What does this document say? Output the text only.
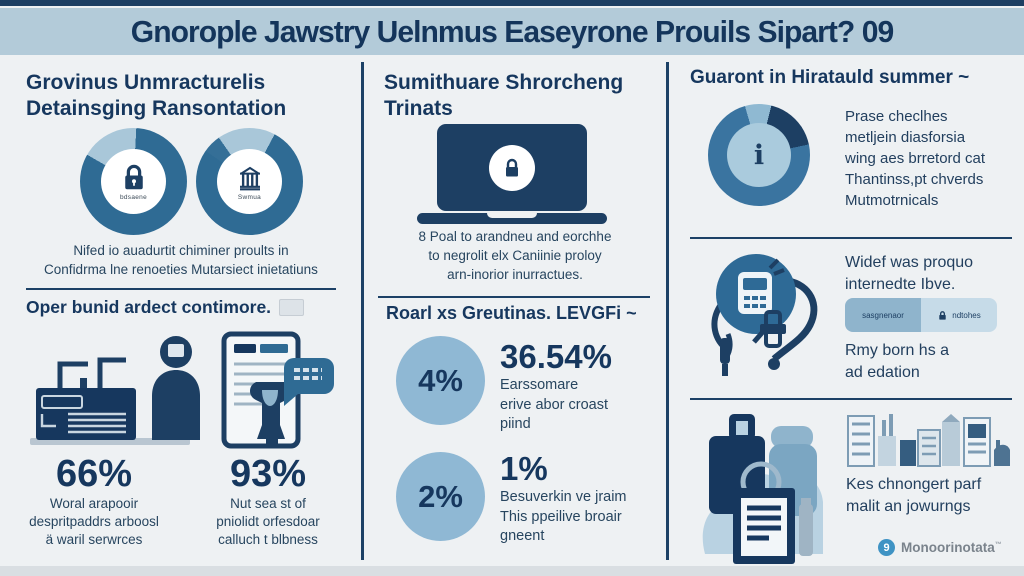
Gnorople Jawstry Uelnmus Easeyrone Prouils Sipart? 09
Grovinus Unmracturelis
Detainsging Ransontation
bdsaene	Swmua
Nifed io auadurtit chiminer proults in
Confidrma lne renoeties Mutarsiect inietatiuns
Oper bunid ardect contimore.
66%
Woral arapooir
despritpaddrs arboosl
ä waril serwrces
93%
Nut sea st of
pniolidt orfesdoar
calluch t blbness
Sumithuare Shrorcheng
Trinats
8 Poal to arandneu and eorchhe
to negrolit elx Caniinie proloy
arn-inorior inurractues.
Roarl xs Greutinas. LEVGFi ~
4%
36.54%
Earssomare
erive abor croast
piind
2%
1%
Besuverkin ve jraim
This ppeilive broair
gneent
Guaront in Hiratauld summer ~
i
Prase checlhes
metljein diasforsia
wing aes brretord cat
Thantinss,pt chverds
Mutmotrnicals
Widef was proquo
internedte Ibve.
sasgnenaor	ndtohes
Rmy born hs a
ad edation
Kes chnongert parf
malit an jowurngs
9 Monoorinotata™
